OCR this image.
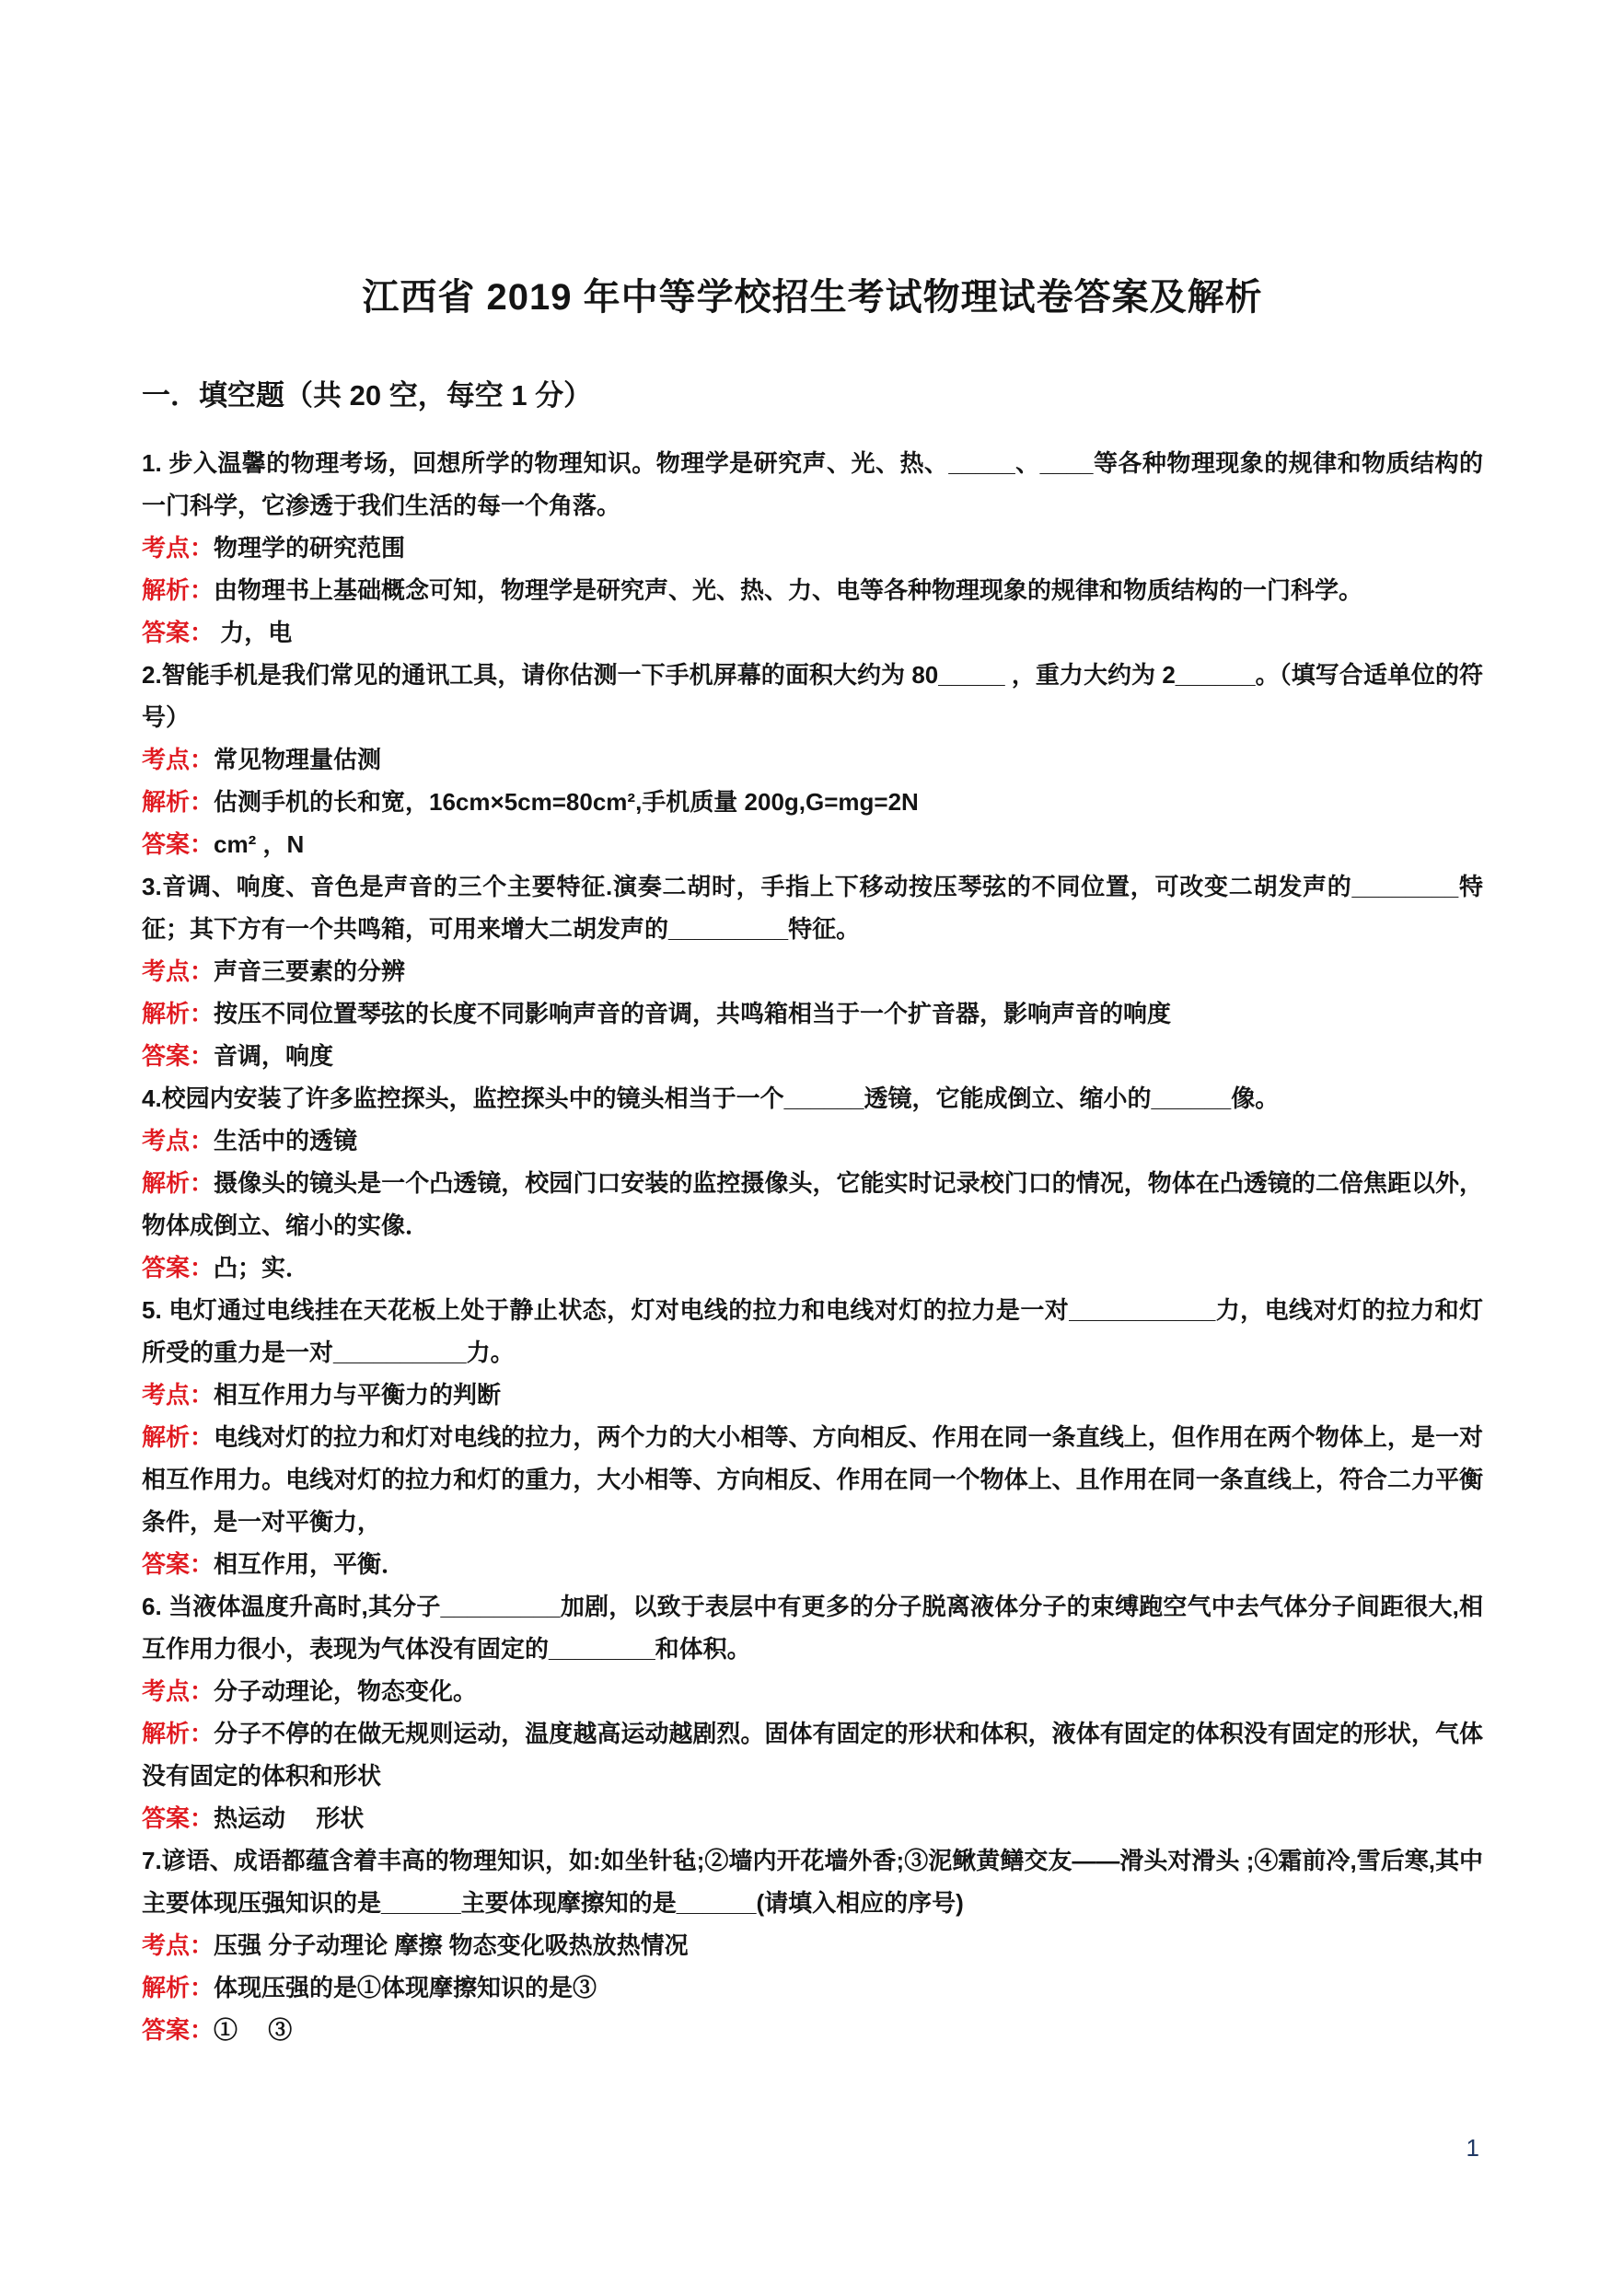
江西省 2019 年中等学校招生考试物理试卷答案及解析
一．填空题（共 20 空，每空 1 分）

1. 步入温馨的物理考场，回想所学的物理知识。物理学是研究声、光、热、_____、____等各种物理现象的规律和物质结构的一门科学，它渗透于我们生活的每一个角落。

考点：物理学的研究范围

解析：由物理书上基础概念可知，物理学是研究声、光、热、力、电等各种物理现象的规律和物质结构的一门科学。

答案： 力，电

2.智能手机是我们常见的通讯工具，请你估测一下手机屏幕的面积大约为 80_____ ，重力大约为 2______。（填写合适单位的符号）

考点：常见物理量估测

解析：估测手机的长和宽，16cm×5cm=80cm²,手机质量 200g,G=mg=2N

答案：cm² ，N

3.音调、响度、音色是声音的三个主要特征.演奏二胡时，手指上下移动按压琴弦的不同位置，可改变二胡发声的________特征；其下方有一个共鸣箱，可用来增大二胡发声的_________特征。

考点：声音三要素的分辨

解析：按压不同位置琴弦的长度不同影响声音的音调，共鸣箱相当于一个扩音器，影响声音的响度

答案：音调，响度

4.校园内安装了许多监控探头，监控探头中的镜头相当于一个______透镜，它能成倒立、缩小的______像。

考点：生活中的透镜

解析：摄像头的镜头是一个凸透镜，校园门口安装的监控摄像头，它能实时记录校门口的情况，物体在凸透镜的二倍焦距以外，物体成倒立、缩小的实像．

答案：凸；实．

5. 电灯通过电线挂在天花板上处于静止状态，灯对电线的拉力和电线对灯的拉力是一对___________力，电线对灯的拉力和灯所受的重力是一对__________力。

考点：相互作用力与平衡力的判断

解析：电线对灯的拉力和灯对电线的拉力，两个力的大小相等、方向相反、作用在同一条直线上，但作用在两个物体上，是一对相互作用力。电线对灯的拉力和灯的重力，大小相等、方向相反、作用在同一个物体上、且作用在同一条直线上，符合二力平衡条件，是一对平衡力，

答案：相互作用，平衡．

6. 当液体温度升高时,其分子_________加剧，以致于表层中有更多的分子脱离液体分子的束缚跑空气中去气体分子间距很大,相互作用力很小，表现为气体没有固定的________和体积。

考点：分子动理论，物态变化。

解析：分子不停的在做无规则运动，温度越高运动越剧烈。固体有固定的形状和体积，液体有固定的体积没有固定的形状，气体没有固定的体积和形状

答案：热运动　 形状

7.谚语、成语都蕴含着丰高的物理知识，如:如坐针毡;②墙内开花墙外香;③泥鳅黄鳝交友——滑头对滑头 ;④霜前冷,雪后寒,其中主要体现压强知识的是______主要体现摩擦知的是______(请填入相应的序号)

考点：压强 分子动理论 摩擦 物态变化吸热放热情况

解析：体现压强的是①体现摩擦知识的是③

答案：①　 ③

1
